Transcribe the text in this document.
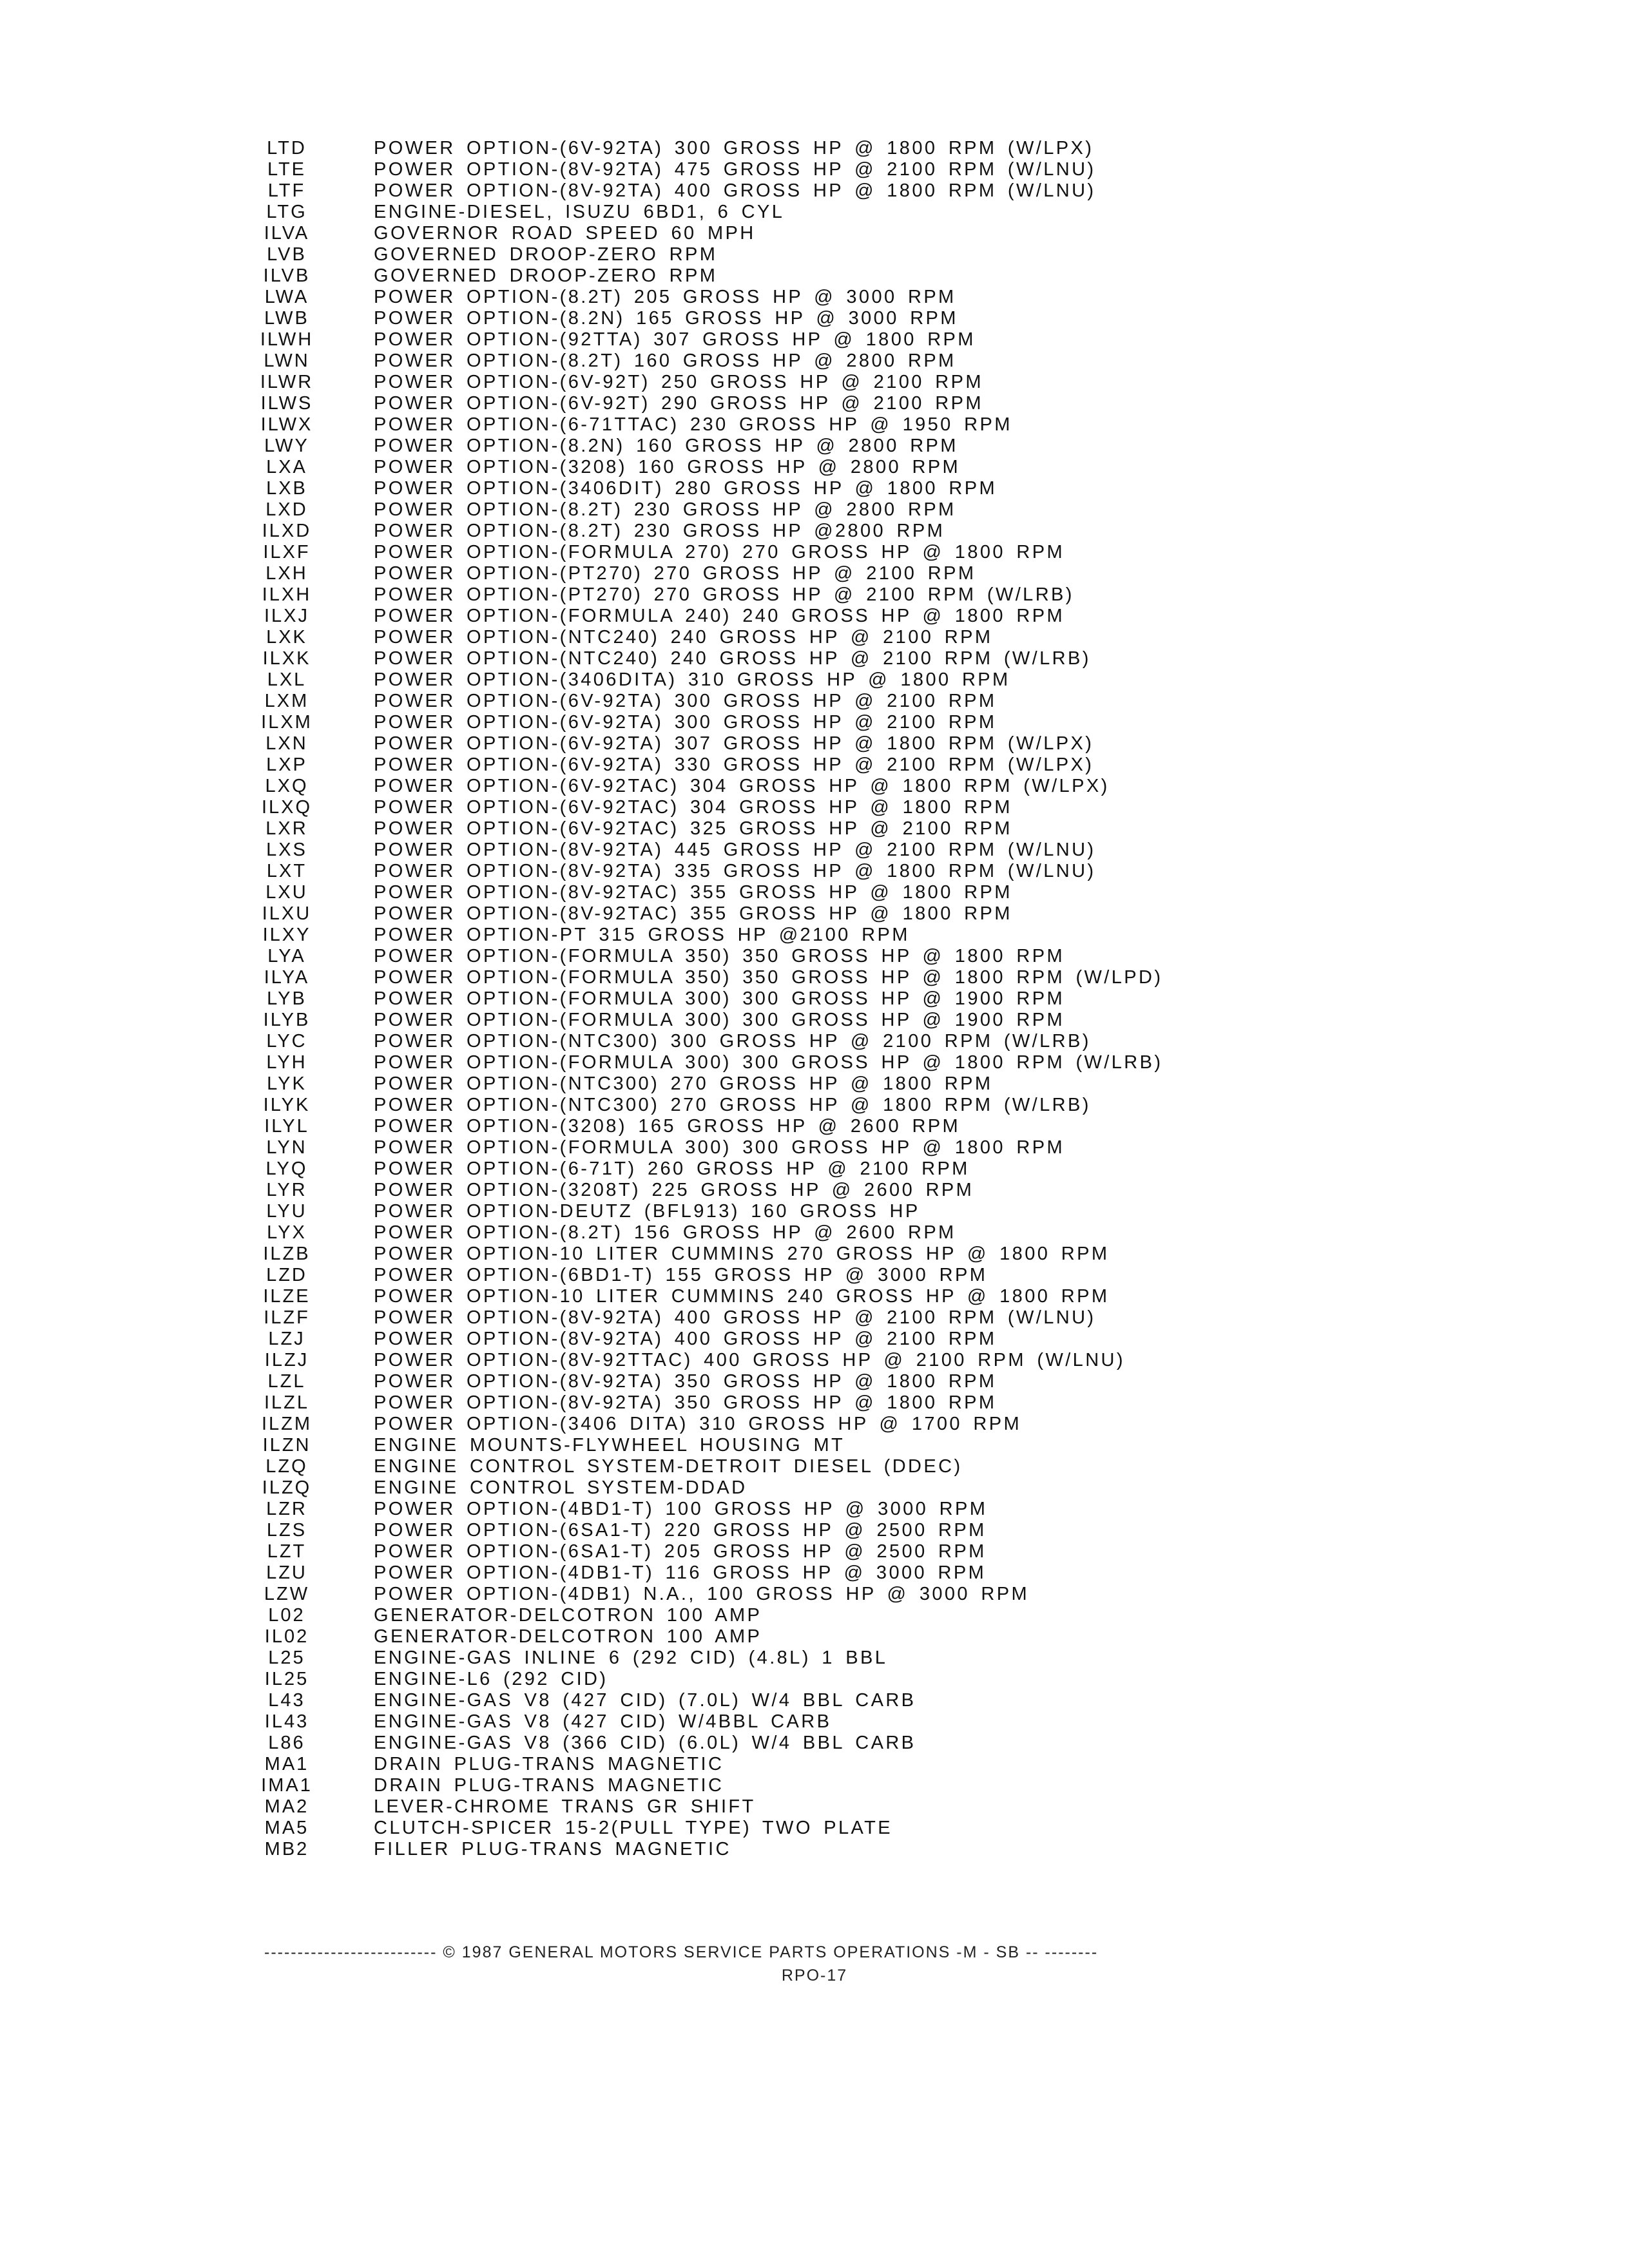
LTD	POWER OPTION-(6V-92TA) 300 GROSS HP @ 1800 RPM (W/LPX)
LTE	POWER OPTION-(8V-92TA) 475 GROSS HP @ 2100 RPM (W/LNU)
LTF	POWER OPTION-(8V-92TA) 400 GROSS HP @ 1800 RPM (W/LNU)
LTG	ENGINE-DIESEL, ISUZU 6BD1, 6 CYL
ILVA	GOVERNOR ROAD SPEED 60 MPH
LVB	GOVERNED DROOP-ZERO RPM
ILVB	GOVERNED DROOP-ZERO RPM
LWA	POWER OPTION-(8.2T) 205 GROSS HP @ 3000 RPM
LWB	POWER OPTION-(8.2N) 165 GROSS HP @ 3000 RPM
ILWH	POWER OPTION-(92TTA) 307 GROSS HP @ 1800 RPM
LWN	POWER OPTION-(8.2T) 160 GROSS HP @ 2800 RPM
ILWR	POWER OPTION-(6V-92T) 250 GROSS HP @ 2100 RPM
ILWS	POWER OPTION-(6V-92T) 290 GROSS HP @ 2100 RPM
ILWX	POWER OPTION-(6-71TTAC) 230 GROSS HP @ 1950 RPM
LWY	POWER OPTION-(8.2N) 160 GROSS HP @ 2800 RPM
LXA	POWER OPTION-(3208) 160 GROSS HP @ 2800 RPM
LXB	POWER OPTION-(3406DIT) 280 GROSS HP @ 1800 RPM
LXD	POWER OPTION-(8.2T) 230 GROSS HP @ 2800 RPM
ILXD	POWER OPTION-(8.2T) 230 GROSS HP @2800 RPM
ILXF	POWER OPTION-(FORMULA 270) 270 GROSS HP @ 1800 RPM
LXH	POWER OPTION-(PT270) 270 GROSS HP @ 2100 RPM
ILXH	POWER OPTION-(PT270) 270 GROSS HP @ 2100 RPM (W/LRB)
ILXJ	POWER OPTION-(FORMULA 240) 240 GROSS HP @ 1800 RPM
LXK	POWER OPTION-(NTC240) 240 GROSS HP @ 2100 RPM
ILXK	POWER OPTION-(NTC240) 240 GROSS HP @ 2100 RPM (W/LRB)
LXL	POWER OPTION-(3406DITA) 310 GROSS HP @ 1800 RPM
LXM	POWER OPTION-(6V-92TA) 300 GROSS HP @ 2100 RPM
ILXM	POWER OPTION-(6V-92TA) 300 GROSS HP @ 2100 RPM
LXN	POWER OPTION-(6V-92TA) 307 GROSS HP @ 1800 RPM (W/LPX)
LXP	POWER OPTION-(6V-92TA) 330 GROSS HP @ 2100 RPM (W/LPX)
LXQ	POWER OPTION-(6V-92TAC) 304 GROSS HP @ 1800 RPM (W/LPX)
ILXQ	POWER OPTION-(6V-92TAC) 304 GROSS HP @ 1800 RPM
LXR	POWER OPTION-(6V-92TAC) 325 GROSS HP @ 2100 RPM
LXS	POWER OPTION-(8V-92TA) 445 GROSS HP @ 2100 RPM (W/LNU)
LXT	POWER OPTION-(8V-92TA) 335 GROSS HP @ 1800 RPM (W/LNU)
LXU	POWER OPTION-(8V-92TAC) 355 GROSS HP @ 1800 RPM
ILXU	POWER OPTION-(8V-92TAC) 355 GROSS HP @ 1800 RPM
ILXY	POWER OPTION-PT 315 GROSS HP @2100 RPM
LYA	POWER OPTION-(FORMULA 350) 350 GROSS HP @ 1800 RPM
ILYA	POWER OPTION-(FORMULA 350) 350 GROSS HP @ 1800 RPM (W/LPD)
LYB	POWER OPTION-(FORMULA 300) 300 GROSS HP @ 1900 RPM
ILYB	POWER OPTION-(FORMULA 300) 300 GROSS HP @ 1900 RPM
LYC	POWER OPTION-(NTC300) 300 GROSS HP @ 2100 RPM (W/LRB)
LYH	POWER OPTION-(FORMULA 300) 300 GROSS HP @ 1800 RPM (W/LRB)
LYK	POWER OPTION-(NTC300) 270 GROSS HP @ 1800 RPM
ILYK	POWER OPTION-(NTC300) 270 GROSS HP @ 1800 RPM (W/LRB)
ILYL	POWER OPTION-(3208) 165 GROSS HP @ 2600 RPM
LYN	POWER OPTION-(FORMULA 300) 300 GROSS HP @ 1800 RPM
LYQ	POWER OPTION-(6-71T) 260 GROSS HP @ 2100 RPM
LYR	POWER OPTION-(3208T) 225 GROSS HP @ 2600 RPM
LYU	POWER OPTION-DEUTZ (BFL913) 160 GROSS HP
LYX	POWER OPTION-(8.2T) 156 GROSS HP @ 2600 RPM
ILZB	POWER OPTION-10 LITER CUMMINS 270 GROSS HP @ 1800 RPM
LZD	POWER OPTION-(6BD1-T) 155 GROSS HP @ 3000 RPM
ILZE	POWER OPTION-10 LITER CUMMINS 240 GROSS HP @ 1800 RPM
ILZF	POWER OPTION-(8V-92TA) 400 GROSS HP @ 2100 RPM (W/LNU)
LZJ	POWER OPTION-(8V-92TA) 400 GROSS HP @ 2100 RPM
ILZJ	POWER OPTION-(8V-92TTAC) 400 GROSS HP @ 2100 RPM (W/LNU)
LZL	POWER OPTION-(8V-92TA) 350 GROSS HP @ 1800 RPM
ILZL	POWER OPTION-(8V-92TA) 350 GROSS HP @ 1800 RPM
ILZM	POWER OPTION-(3406 DITA) 310 GROSS HP @ 1700 RPM
ILZN	ENGINE MOUNTS-FLYWHEEL HOUSING MT
LZQ	ENGINE CONTROL SYSTEM-DETROIT DIESEL (DDEC)
ILZQ	ENGINE CONTROL SYSTEM-DDAD
LZR	POWER OPTION-(4BD1-T) 100 GROSS HP @ 3000 RPM
LZS	POWER OPTION-(6SA1-T) 220 GROSS HP @ 2500 RPM
LZT	POWER OPTION-(6SA1-T) 205 GROSS HP @ 2500 RPM
LZU	POWER OPTION-(4DB1-T) 116 GROSS HP @ 3000 RPM
LZW	POWER OPTION-(4DB1) N.A., 100 GROSS HP @ 3000 RPM
L02	GENERATOR-DELCOTRON 100 AMP
IL02	GENERATOR-DELCOTRON 100 AMP
L25	ENGINE-GAS INLINE 6 (292 CID) (4.8L) 1 BBL
IL25	ENGINE-L6 (292 CID)
L43	ENGINE-GAS V8 (427 CID) (7.0L) W/4 BBL CARB
IL43	ENGINE-GAS V8 (427 CID) W/4BBL CARB
L86	ENGINE-GAS V8 (366 CID) (6.0L) W/4 BBL CARB
MA1	DRAIN PLUG-TRANS MAGNETIC
IMA1	DRAIN PLUG-TRANS MAGNETIC
MA2	LEVER-CHROME TRANS GR SHIFT
MA5	CLUTCH-SPICER 15-2(PULL TYPE) TWO PLATE
MB2	FILLER PLUG-TRANS MAGNETIC
-------------------------- © 1987 GENERAL MOTORS SERVICE PARTS OPERATIONS -M - SB -- --------
RPO-17
